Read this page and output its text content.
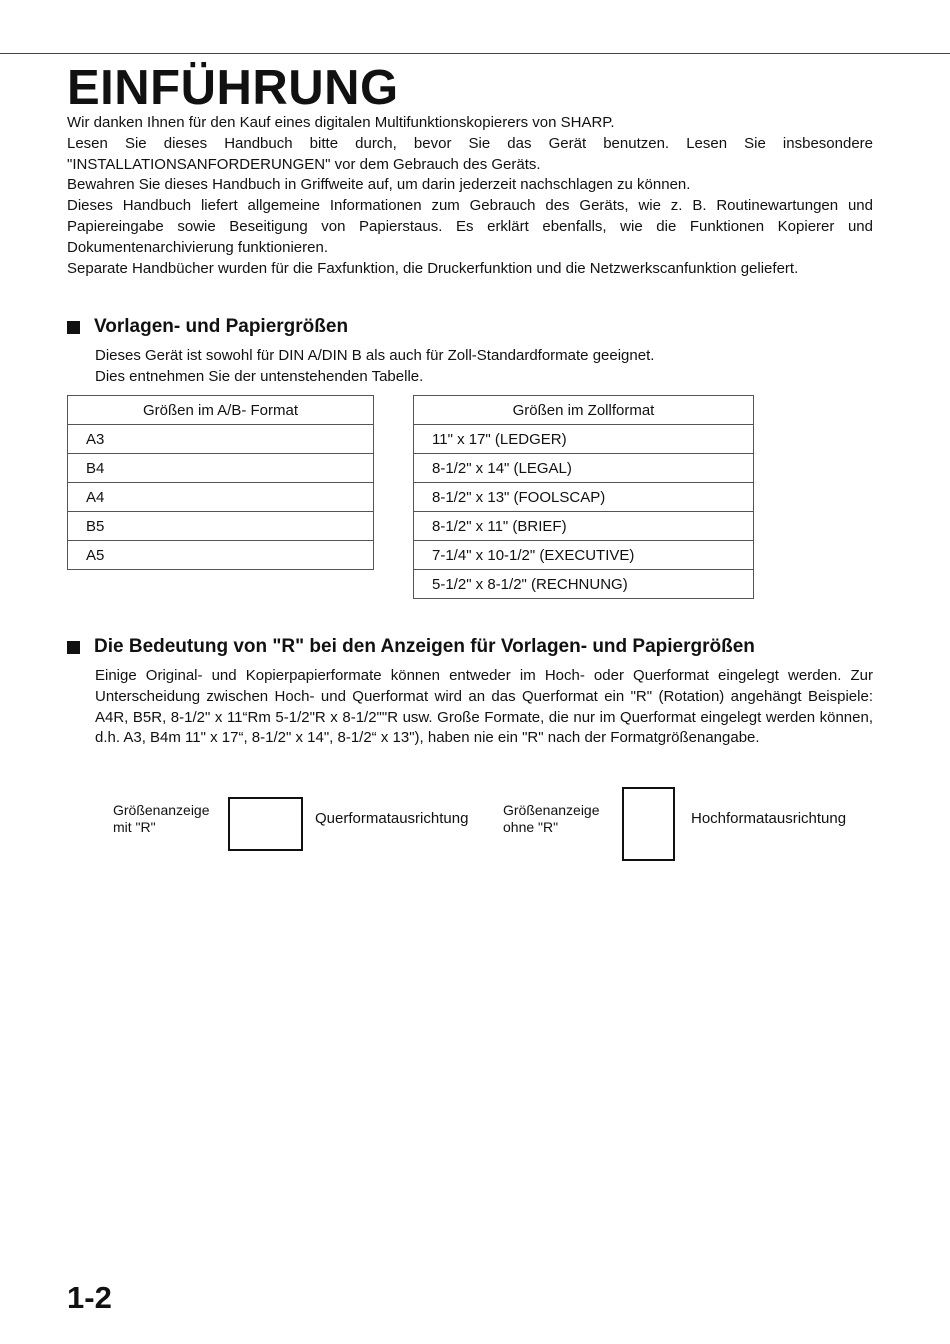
EINFÜHRUNG

Wir danken Ihnen für den Kauf eines digitalen Multifunktionskopierers von SHARP.

Lesen Sie dieses Handbuch bitte durch, bevor Sie das Gerät benutzen. Lesen Sie insbesondere "INSTALLATIONSANFORDERUNGEN" vor dem Gebrauch des Geräts.

Bewahren Sie dieses Handbuch in Griffweite auf, um darin jederzeit nachschlagen zu können.

Dieses Handbuch liefert allgemeine Informationen zum Gebrauch des Geräts, wie z. B. Routinewartungen und Papiereingabe sowie Beseitigung von Papierstaus. Es erklärt ebenfalls, wie die Funktionen Kopierer und Dokumentenarchivierung funktionieren.

Separate Handbücher wurden für die Faxfunktion, die Druckerfunktion und die Netzwerkscanfunktion geliefert.

Vorlagen- und Papiergrößen

Dieses Gerät ist sowohl für DIN A/DIN B als auch für Zoll-Standardformate geeignet.

Dies entnehmen Sie der untenstehenden Tabelle.

Größen im A/B- Format
A3
B4
A4
B5
A5
Größen im Zollformat
11" x 17" (LEDGER)
8-1/2" x 14" (LEGAL)
8-1/2" x 13" (FOOLSCAP)
8-1/2" x 11" (BRIEF)
7-1/4" x 10-1/2" (EXECUTIVE)
5-1/2" x 8-1/2" (RECHNUNG)
Die Bedeutung von "R" bei den Anzeigen für Vorlagen- und Papiergrößen

Einige Original- und Kopierpapierformate können entweder im Hoch- oder Querformat eingelegt werden. Zur Unterscheidung zwischen Hoch- und Querformat wird an das Querformat ein "R" (Rotation) angehängt Beispiele: A4R, B5R, 8-1/2" x 11“Rm 5-1/2"R x 8-1/2""R usw. Große Formate, die nur im Querformat eingelegt werden können, d.h. A3, B4m 11" x 17“, 8-1/2" x 14", 8-1/2“ x 13"), haben nie ein "R" nach der Formatgrößenangabe.

Größenanzeige
mit "R"	Querformatausrichtung Größenanzeige
ohne "R"	Hochformatausrichtung
1-2
